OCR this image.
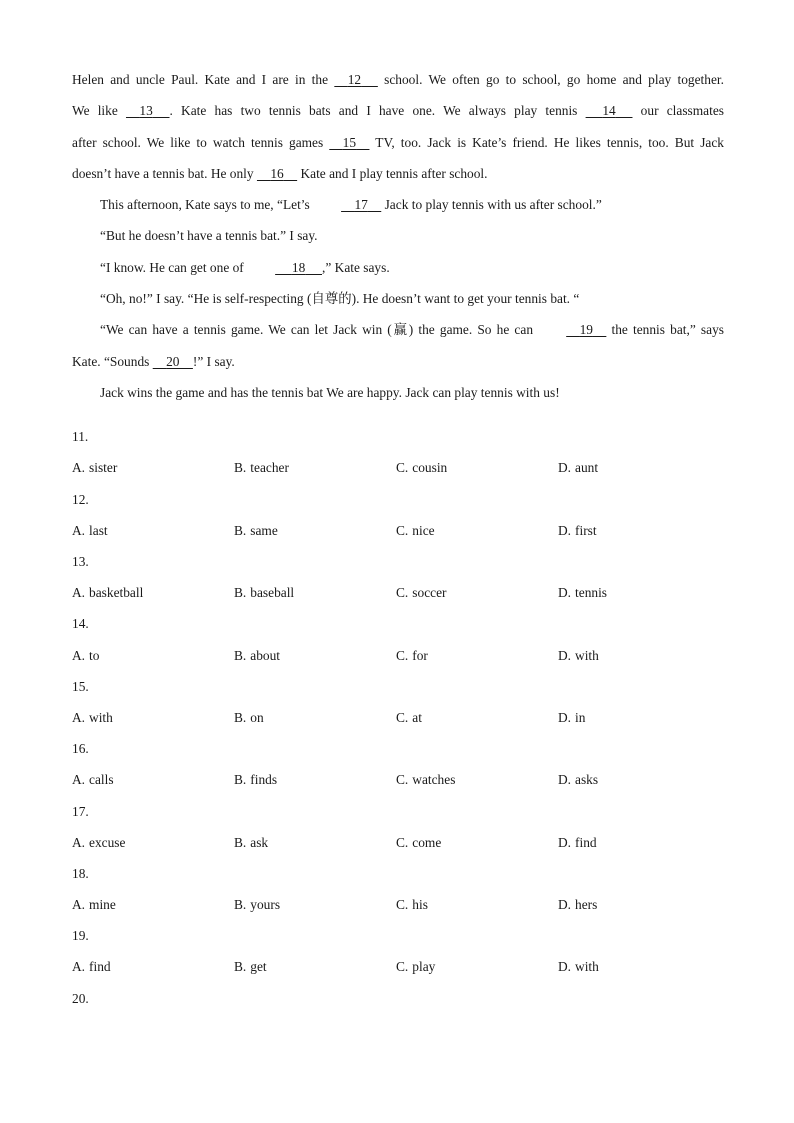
Helen and uncle Paul. Kate and I are in the     12      school. We often go to school, go home and play together.

We like     13 . Kate has two tennis bats and I have one. We always play tennis      14      our classmates

after school. We like to watch tennis games     15     TV, too. Jack is Kate’s friend. He likes tennis, too. But Jack

doesn’t have a tennis bat. He only     16     Kate and I play tennis after school.

This afternoon, Kate says to me, “Let’s	17     Jack to play tennis with us after school.”

“But he doesn’t have a tennis bat.” I say.

“I know. He can get one of	18 ,” Kate says.

“Oh, no!” I say. “He is self-respecting (自尊的). He doesn’t want to get your tennis bat. “

“We can have a tennis game. We can let Jack win (赢) the game. So he can	19     the tennis bat,” says

Kate. “Sounds     20 !” I say.

Jack wins the game and has the tennis bat We are happy. Jack can play tennis with us!

11.
A. sister	B. teacher	C. cousin	D. aunt
12.
A. last	B. same	C. nice	D. first
13.
A. basketball	B. baseball	C. soccer	D. tennis
14.
A. to	B. about	C. for	D. with
15.
A. with	B. on	C. at	D. in
16.
A. calls	B. finds	C. watches	D. asks
17.
A. excuse	B. ask	C. come	D. find
18.
A. mine	B. yours	C. his	D. hers
19.
A. find	B. get	C. play	D. with
20.
